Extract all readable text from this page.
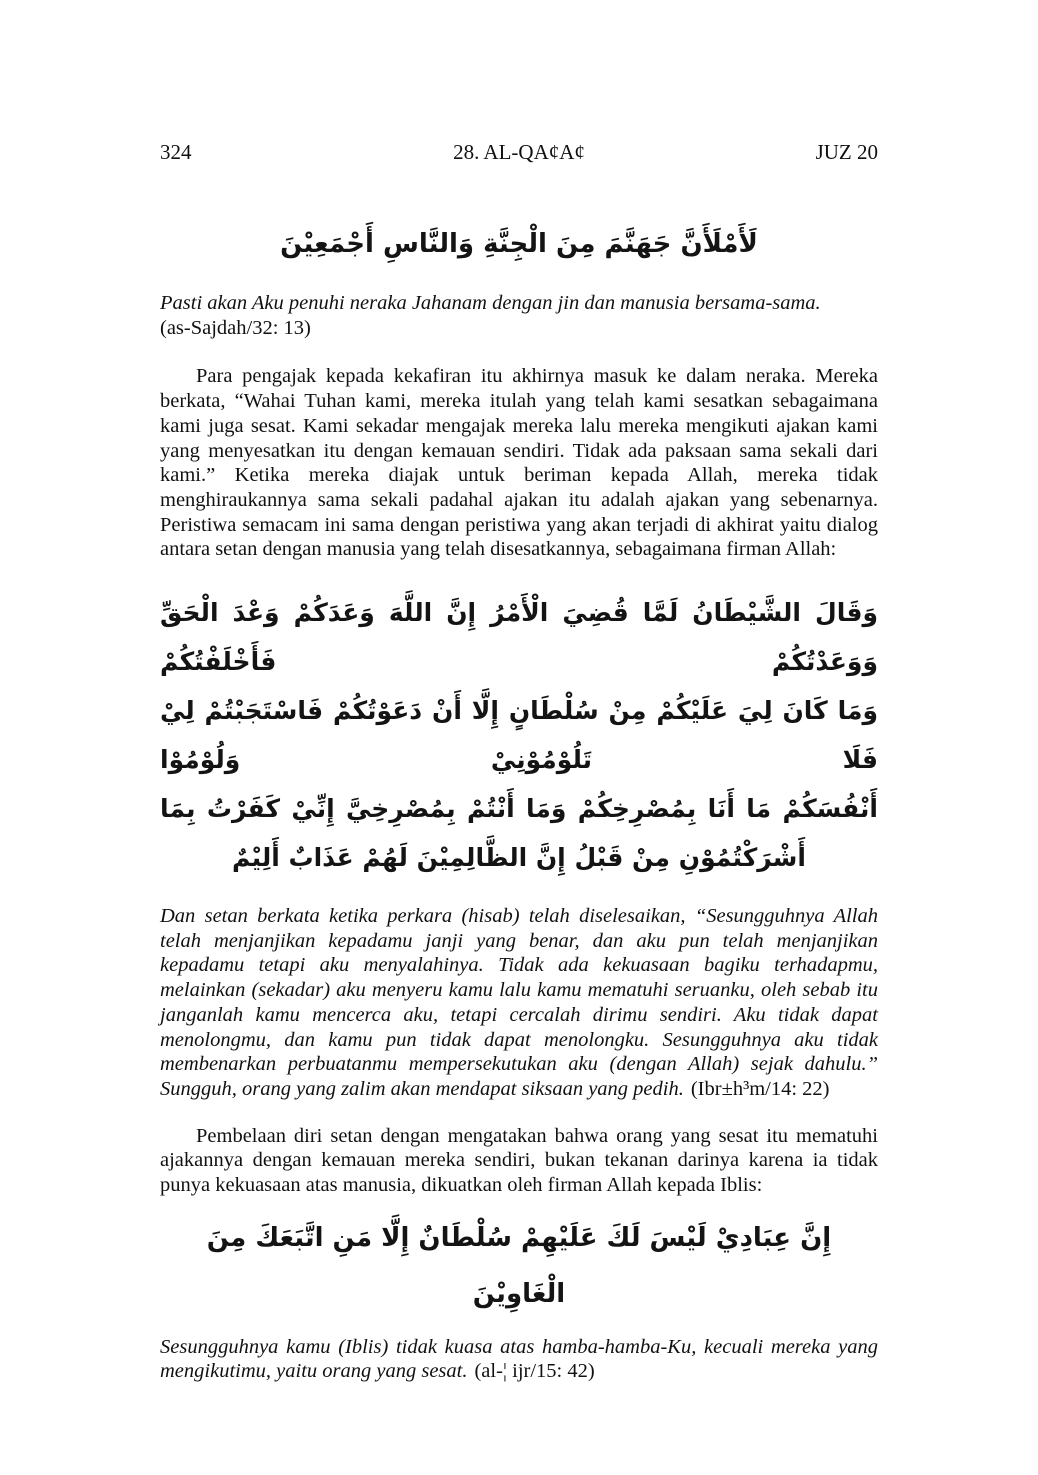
324	28. AL-QA¢A¢	JUZ 20
لَأَمْلَأَنَّ جَهَنَّمَ مِنَ الْجِنَّةِ وَالنَّاسِ أَجْمَعِيْنَ
Pasti akan Aku penuhi neraka Jahanam dengan jin dan manusia bersama-sama.
(as-Sajdah/32: 13)

Para pengajak kepada kekafiran itu akhirnya masuk ke dalam neraka. Mereka berkata, “Wahai Tuhan kami, mereka itulah yang telah kami sesatkan sebagaimana kami juga sesat. Kami sekadar mengajak mereka lalu mereka mengikuti ajakan kami yang menyesatkan itu dengan kemauan sendiri. Tidak ada paksaan sama sekali dari kami.” Ketika mereka diajak untuk beriman kepada Allah, mereka tidak menghiraukannya sama sekali padahal ajakan itu adalah ajakan yang sebenarnya. Peristiwa semacam ini sama dengan peristiwa yang akan terjadi di akhirat yaitu dialog antara setan dengan manusia yang telah disesatkannya, sebagaimana firman Allah:

وَقَالَ الشَّيْطَانُ لَمَّا قُضِيَ الْأَمْرُ إِنَّ اللَّهَ وَعَدَكُمْ وَعْدَ الْحَقِّ وَوَعَدْتُكُمْ فَأَخْلَفْتُكُمْ
وَمَا كَانَ لِيَ عَلَيْكُمْ مِنْ سُلْطَانٍ إِلَّا أَنْ دَعَوْتُكُمْ فَاسْتَجَبْتُمْ لِيْ فَلَا تَلُوْمُوْنِيْ وَلُوْمُوْا
أَنْفُسَكُمْ مَا أَنَا بِمُصْرِخِكُمْ وَمَا أَنْتُمْ بِمُصْرِخِيَّ إِنِّيْ كَفَرْتُ بِمَا
أَشْرَكْتُمُوْنِ مِنْ قَبْلُ إِنَّ الظَّالِمِيْنَ لَهُمْ عَذَابٌ أَلِيْمٌ

Dan setan berkata ketika perkara (hisab) telah diselesaikan, “Sesungguhnya Allah telah menjanjikan kepadamu janji yang benar, dan aku pun telah menjanjikan kepadamu tetapi aku menyalahinya. Tidak ada kekuasaan bagiku terhadapmu, melainkan (sekadar) aku menyeru kamu lalu kamu mematuhi seruanku, oleh sebab itu janganlah kamu mencerca aku, tetapi cercalah dirimu sendiri. Aku tidak dapat menolongmu, dan kamu pun tidak dapat menolongku. Sesungguhnya aku tidak membenarkan perbuatanmu mempersekutukan aku (dengan Allah) sejak dahulu.” Sungguh, orang yang zalim akan mendapat siksaan yang pedih. (Ibr±h³m/14: 22)

Pembelaan diri setan dengan mengatakan bahwa orang yang sesat itu mematuhi ajakannya dengan kemauan mereka sendiri, bukan tekanan darinya karena ia tidak punya kekuasaan atas manusia, dikuatkan oleh firman Allah kepada Iblis:

إِنَّ عِبَادِيْ لَيْسَ لَكَ عَلَيْهِمْ سُلْطَانٌ إِلَّا مَنِ اتَّبَعَكَ مِنَ الْغَاوِيْنَ

Sesungguhnya kamu (Iblis) tidak kuasa atas hamba-hamba-Ku, kecuali mereka yang mengikutimu, yaitu orang yang sesat. (al-¦ ijr/15: 42)
